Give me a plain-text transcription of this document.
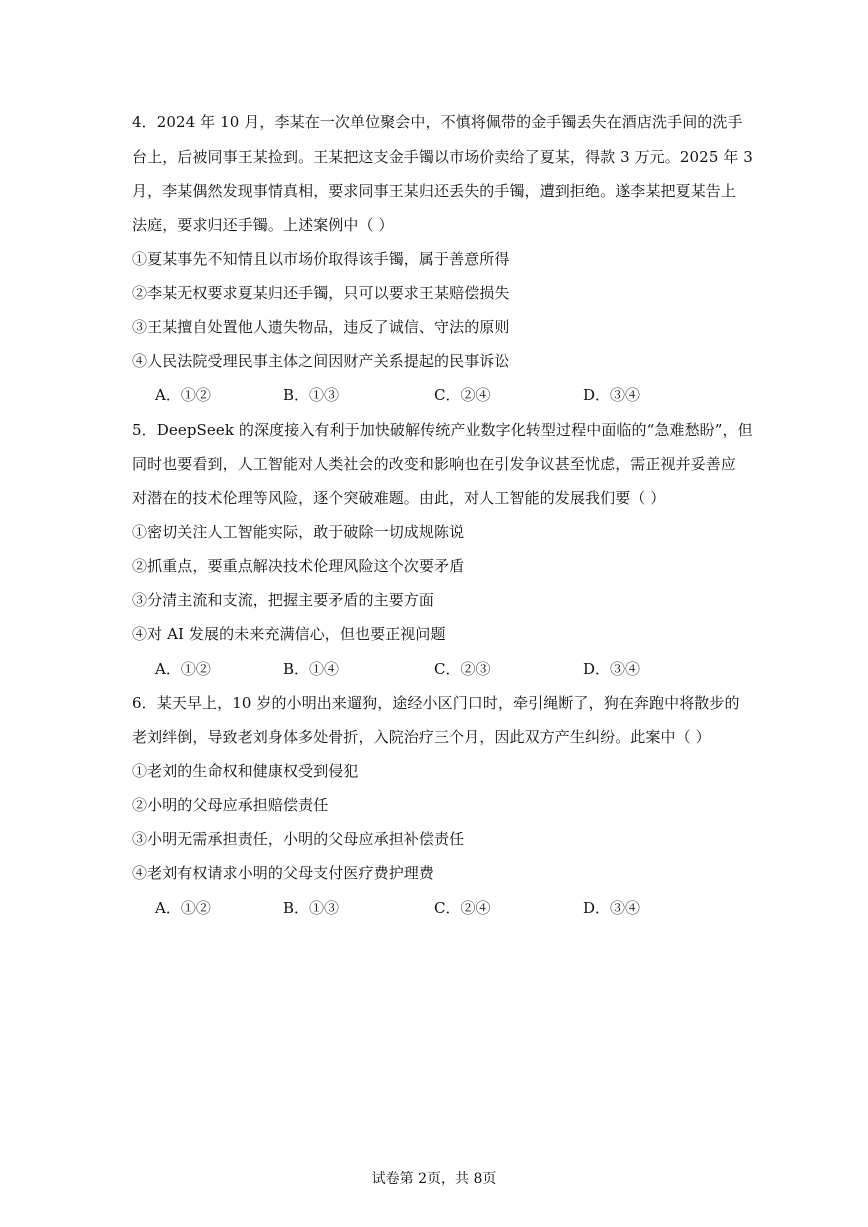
4．2024 年 10 月，李某在一次单位聚会中，不慎将佩带的金手镯丢失在酒店洗手间的洗手
台上，后被同事王某捡到。王某把这支金手镯以市场价卖给了夏某，得款 3 万元。2025 年 3
月，李某偶然发现事情真相，要求同事王某归还丢失的手镯，遭到拒绝。遂李某把夏某告上
法庭，要求归还手镯。上述案例中（ ）
①夏某事先不知情且以市场价取得该手镯，属于善意所得
②李某无权要求夏某归还手镯，只可以要求王某赔偿损失
③王某擅自处置他人遗失物品，违反了诚信、守法的原则
④人民法院受理民事主体之间因财产关系提起的民事诉讼
A．①②	B．①③	C．②④	D．③④
5．DeepSeek 的深度接入有利于加快破解传统产业数字化转型过程中面临的“急难愁盼”，但
同时也要看到，人工智能对人类社会的改变和影响也在引发争议甚至忧虑，需正视并妥善应
对潜在的技术伦理等风险，逐个突破难题。由此，对人工智能的发展我们要（ ）
①密切关注人工智能实际，敢于破除一切成规陈说
②抓重点，要重点解决技术伦理风险这个次要矛盾
③分清主流和支流，把握主要矛盾的主要方面
④对 AI 发展的未来充满信心，但也要正视问题
A．①②	B．①④	C．②③	D．③④
6．某天早上，10 岁的小明出来遛狗，途经小区门口时，牵引绳断了，狗在奔跑中将散步的
老刘绊倒，导致老刘身体多处骨折，入院治疗三个月，因此双方产生纠纷。此案中（ ）
①老刘的生命权和健康权受到侵犯
②小明的父母应承担赔偿责任
③小明无需承担责任，小明的父母应承担补偿责任
④老刘有权请求小明的父母支付医疗费护理费
A．①②	B．①③	C．②④	D．③④
试卷第 2页，共 8页
